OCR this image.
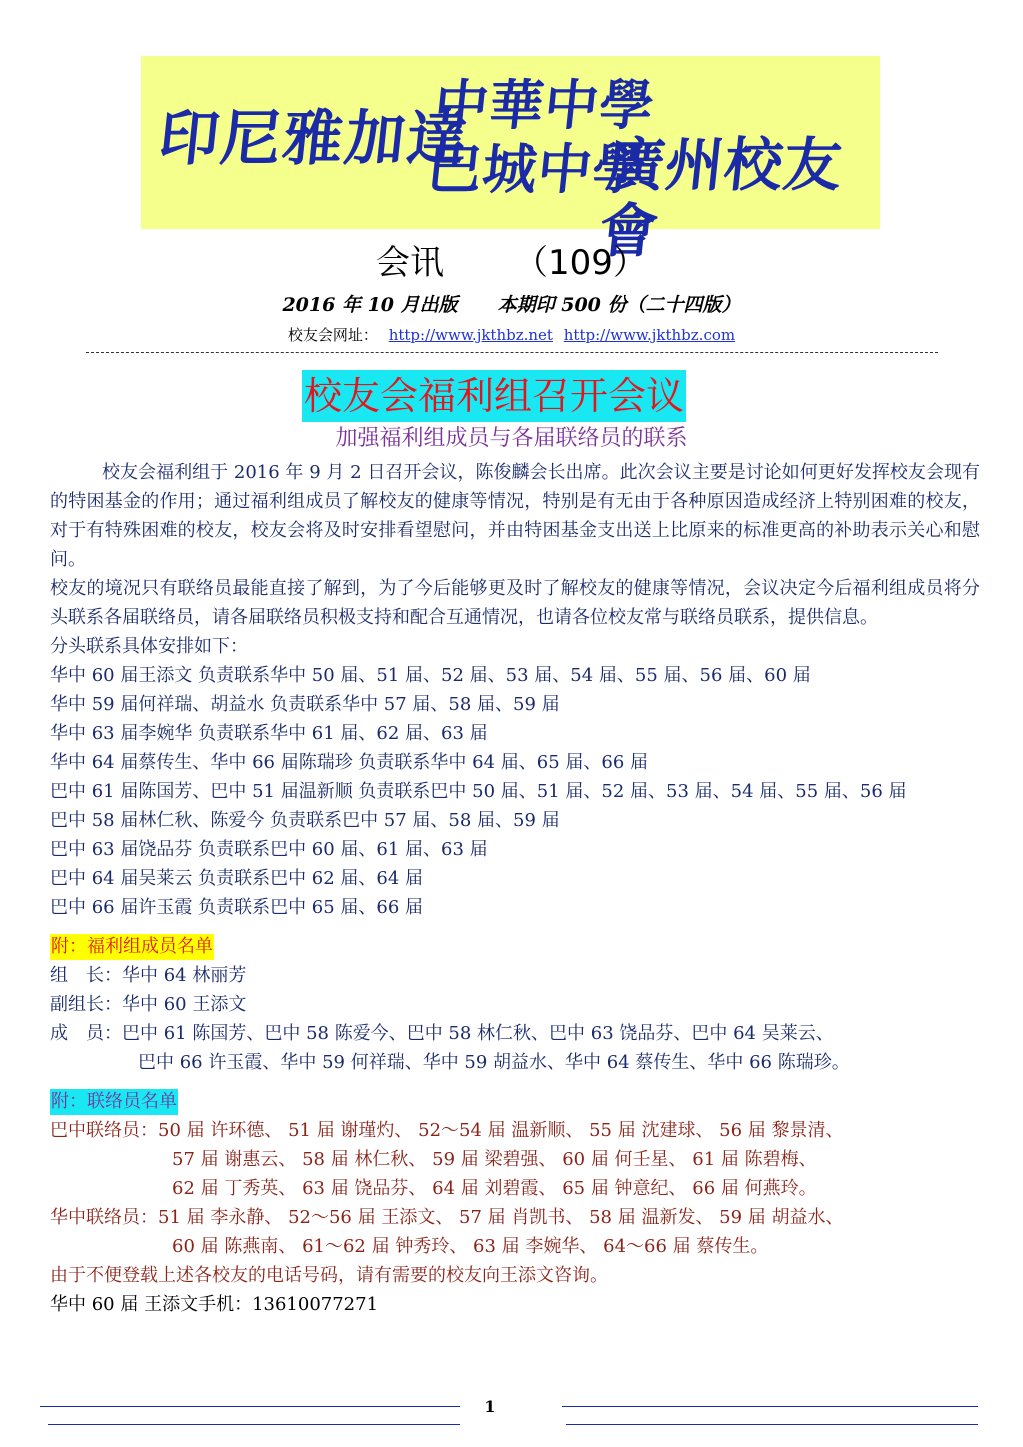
印尼雅加達
中華中學
巴城中學
廣州校友會
会讯 （109）
2016 年 10 月出版 本期印 500 份（二十四版）
校友会网址： http://www.jkthbz.net http://www.jkthbz.com
校友会福利组召开会议
加强福利组成员与各届联络员的联系

校友会福利组于 2016 年 9 月 2 日召开会议，陈俊麟会长出席。此次会议主要是讨论如何更好发挥校友会现有的特困基金的作用；通过福利组成员了解校友的健康等情况，特别是有无由于各种原因造成经济上特别困难的校友，对于有特殊困难的校友，校友会将及时安排看望慰问，并由特困基金支出送上比原来的标准更高的补助表示关心和慰问。

校友的境况只有联络员最能直接了解到，为了今后能够更及时了解校友的健康等情况，会议决定今后福利组成员将分头联系各届联络员，请各届联络员积极支持和配合互通情况，也请各位校友常与联络员联系，提供信息。

分头联系具体安排如下：

华中 60 届王添文 负责联系华中 50 届、51 届、52 届、53 届、54 届、55 届、56 届、60 届

华中 59 届何祥瑞、胡益水 负责联系华中 57 届、58 届、59 届

华中 63 届李婉华 负责联系华中 61 届、62 届、63 届

华中 64 届蔡传生、华中 66 届陈瑞珍 负责联系华中 64 届、65 届、66 届

巴中 61 届陈国芳、巴中 51 届温新顺 负责联系巴中 50 届、51 届、52 届、53 届、54 届、55 届、56 届

巴中 58 届林仁秋、陈爱今 负责联系巴中 57 届、58 届、59 届

巴中 63 届饶品芬 负责联系巴中 60 届、61 届、63 届

巴中 64 届吴莱云 负责联系巴中 62 届、64 届

巴中 66 届许玉霞 负责联系巴中 65 届、66 届

附：福利组成员名单

组　长：华中 64 林丽芳

副组长：华中 60 王添文

成　员：巴中 61 陈国芳、巴中 58 陈爱今、巴中 58 林仁秋、巴中 63 饶品芬、巴中 64 吴莱云、

巴中 66 许玉霞、华中 59 何祥瑞、华中 59 胡益水、华中 64 蔡传生、华中 66 陈瑞珍。

附：联络员名单

巴中联络员：50 届 许环德、 51 届 谢瑾灼、 52～54 届 温新顺、 55 届 沈建球、 56 届 黎景清、

57 届 谢惠云、 58 届 林仁秋、 59 届 梁碧强、 60 届 何壬星、 61 届 陈碧梅、

62 届 丁秀英、 63 届 饶品芬、 64 届 刘碧霞、 65 届 钟意纪、 66 届 何燕玲。

华中联络员：51 届 李永静、 52～56 届 王添文、 57 届 肖凯书、 58 届 温新发、 59 届 胡益水、

60 届 陈燕南、 61～62 届 钟秀玲、 63 届 李婉华、 64～66 届 蔡传生。

由于不便登载上述各校友的电话号码，请有需要的校友向王添文咨询。

华中 60 届 王添文手机：13610077271

1
